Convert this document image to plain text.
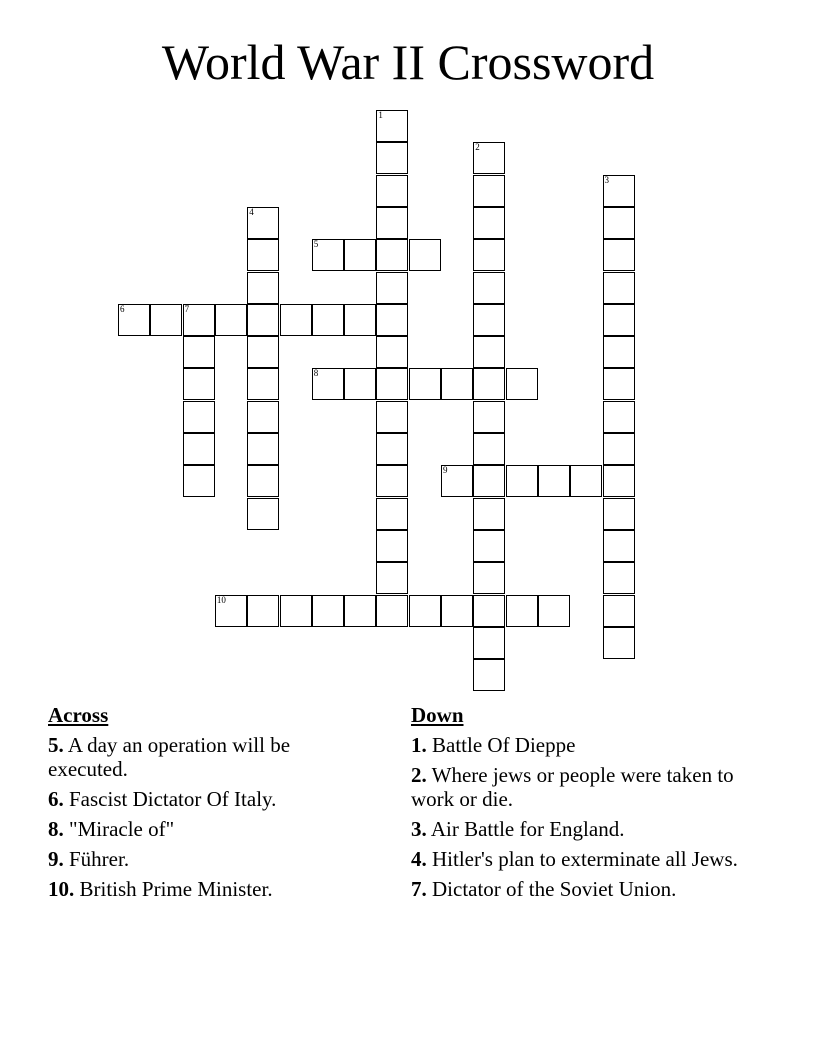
World War II Crossword
1
2
3
4
5
6	7
8
9
10
Across
5. A day an operation will be executed.
6. Fascist Dictator Of Italy.
8. "Miracle of"
9. Führer.
10. British Prime Minister.
Down
1. Battle Of Dieppe
2. Where jews or people were taken to work or die.
3. Air Battle for England.
4. Hitler's plan to exterminate all Jews.
7. Dictator of the Soviet Union.
